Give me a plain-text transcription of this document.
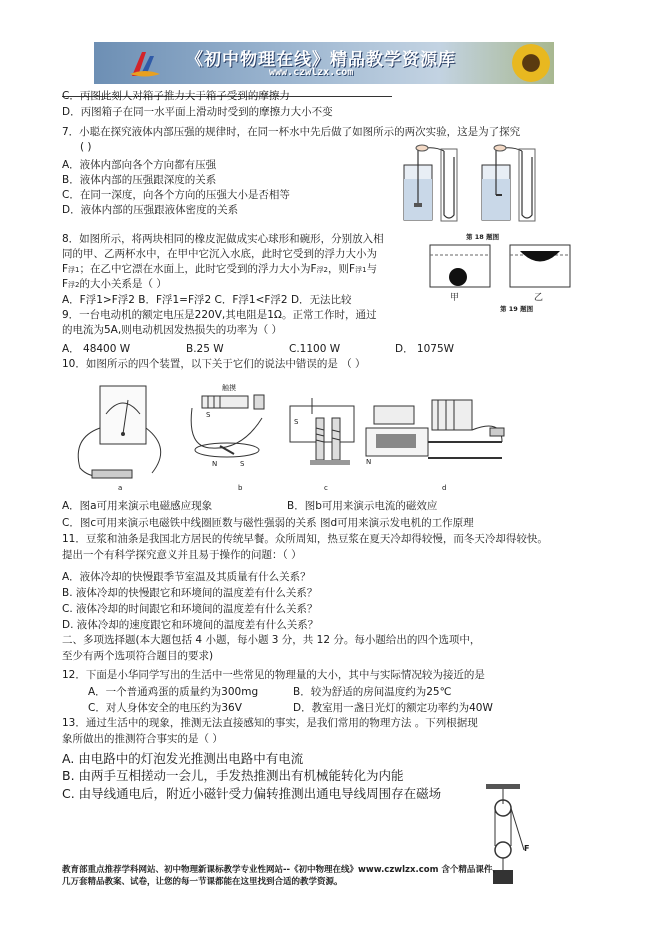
《初中物理在线》精品教学资源库
www.czwlzx.com
C．丙图此刻人对箱子推力大于箱子受到的摩擦力
D．丙图箱子在同一水平面上滑动时受到的摩擦力大小不变
7．小聪在探究液体内部压强的规律时，在同一杯水中先后做了如图所示的两次实验，这是为了探究
( )
A．液体内部向各个方向都有压强
B．液体内部的压强跟深度的关系
C．在同一深度，向各个方向的压强大小是否相等
D．液体内部的压强跟液体密度的关系
8．如图所示，将两块相同的橡皮泥做成实心球形和碗形，分别放入相
同的甲、乙两杯水中，在甲中它沉入水底，此时它受到的浮力大小为
F浮1；在乙中它漂在水面上，此时它受到的浮力大小为F浮2，则F浮1与
F浮2的大小关系是（ ）
A．F浮1>F浮2 B．F浮1=F浮2 C．F浮1<F浮2 D．无法比较
9．一台电动机的额定电压是220V,其电阻是1Ω。正常工作时，通过
的电流为5A,则电动机因发热损失的功率为（ ）
A． 48400 W	B.25 W	C.1100 W	D． 1075W
10．如图所示的四个装置，以下关于它们的说法中错误的是 （ ）
A．图a可用来演示电磁感应现象	B．图b可用来演示电流的磁效应
C．图c可用来演示电磁铁中线圈匝数与磁性强弱的关系 图d可用来演示发电机的工作原理
11．豆浆和油条是我国北方居民的传统早餐。众所周知，热豆浆在夏天冷却得较慢，而冬天冷却得较快。
提出一个有科学探究意义并且易于操作的问题：（ ）
A．液体冷却的快慢跟季节室温及其质量有什么关系？
B. 液体冷却的快慢跟它和环境间的温度差有什么关系？
C. 液体冷却的时间跟它和环境间的温度差有什么关系？
D. 液体冷却的速度跟它和环境间的温度差有什么关系？
二、多项选择题(本大题包括 4 小题，每小题 3 分，共 12 分。每小题给出的四个选项中，
至少有两个选项符合题目的要求)
12．下面是小华同学写出的生活中一些常见的物理量的大小，其中与实际情况较为接近的是
A．一个普通鸡蛋的质量约为300mg	B．较为舒适的房间温度约为25℃
C．对人身体安全的电压约为36V	D．教室用一盏日光灯的额定功率约为40W
13．通过生活中的现象，推测无法直接感知的事实，是我们常用的物理方法 。下列根据现
象所做出的推测符合事实的是（ ）
A. 由电路中的灯泡发光推测出电路中有电流
B. 由两手互相搓动一会儿，手发热推测出有机械能转化为内能
C. 由导线通电后，附近小磁针受力偏转推测出通电导线周围存在磁场
第 18 题图
甲	乙
第 19 题图
触摸
S
N	S
S
N
a	b	c	d
F
教育部重点推荐学科网站、初中物理新课标教学专业性网站--《初中物理在线》www.czwlzx.com 含个精品课件、
几万套精品教案、试卷，让您的每一节课都能在这里找到合适的教学资源。
